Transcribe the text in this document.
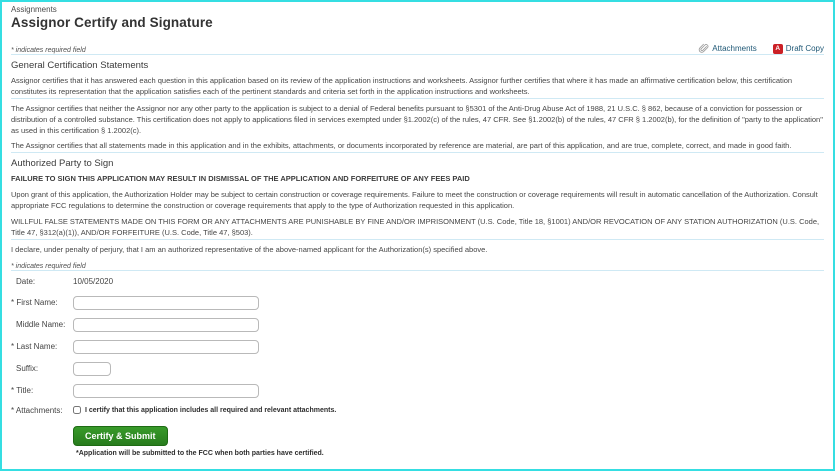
Assignments
Assignor Certify and Signature
* indicates required field	Attachments	A Draft Copy
General Certification Statements

Assignor certifies that it has answered each question in this application based on its review of the application instructions and worksheets. Assignor further certifies that where it has made an affirmative certification below, this certification constitutes its representation that the application satisfies each of the pertinent standards and criteria set forth in the application instructions and worksheets.

The Assignor certifies that neither the Assignor nor any other party to the application is subject to a denial of Federal benefits pursuant to §5301 of the Anti-Drug Abuse Act of 1988, 21 U.S.C. § 862, because of a conviction for possession or distribution of a controlled substance. This certification does not apply to applications filed in services exempted under §1.2002(c) of the rules, 47 CFR. See §1.2002(b) of the rules, 47 CFR § 1.2002(b), for the definition of "party to the application" as used in this certification § 1.2002(c).

The Assignor certifies that all statements made in this application and in the exhibits, attachments, or documents incorporated by reference are material, are part of this application, and are true, complete, correct, and made in good faith.

Authorized Party to Sign

FAILURE TO SIGN THIS APPLICATION MAY RESULT IN DISMISSAL OF THE APPLICATION AND FORFEITURE OF ANY FEES PAID

Upon grant of this application, the Authorization Holder may be subject to certain construction or coverage requirements. Failure to meet the construction or coverage requirements will result in automatic cancellation of the Authorization. Consult appropriate FCC regulations to determine the construction or coverage requirements that apply to the type of Authorization requested in this application.

WILLFUL FALSE STATEMENTS MADE ON THIS FORM OR ANY ATTACHMENTS ARE PUNISHABLE BY FINE AND/OR IMPRISONMENT (U.S. Code, Title 18, §1001) AND/OR REVOCATION OF ANY STATION AUTHORIZATION (U.S. Code, Title 47, §312(a)(1)), AND/OR FORFEITURE (U.S. Code, Title 47, §503).

I declare, under penalty of perjury, that I am an authorized representative of the above-named applicant for the Authorization(s) specified above.

* indicates required field
Date:	10/05/2020
* First Name:
Middle Name:
* Last Name:
Suffix:
* Title:
* Attachments:	I certify that this application includes all required and relevant attachments.
Certify & Submit
*Application will be submitted to the FCC when both parties have certified.
